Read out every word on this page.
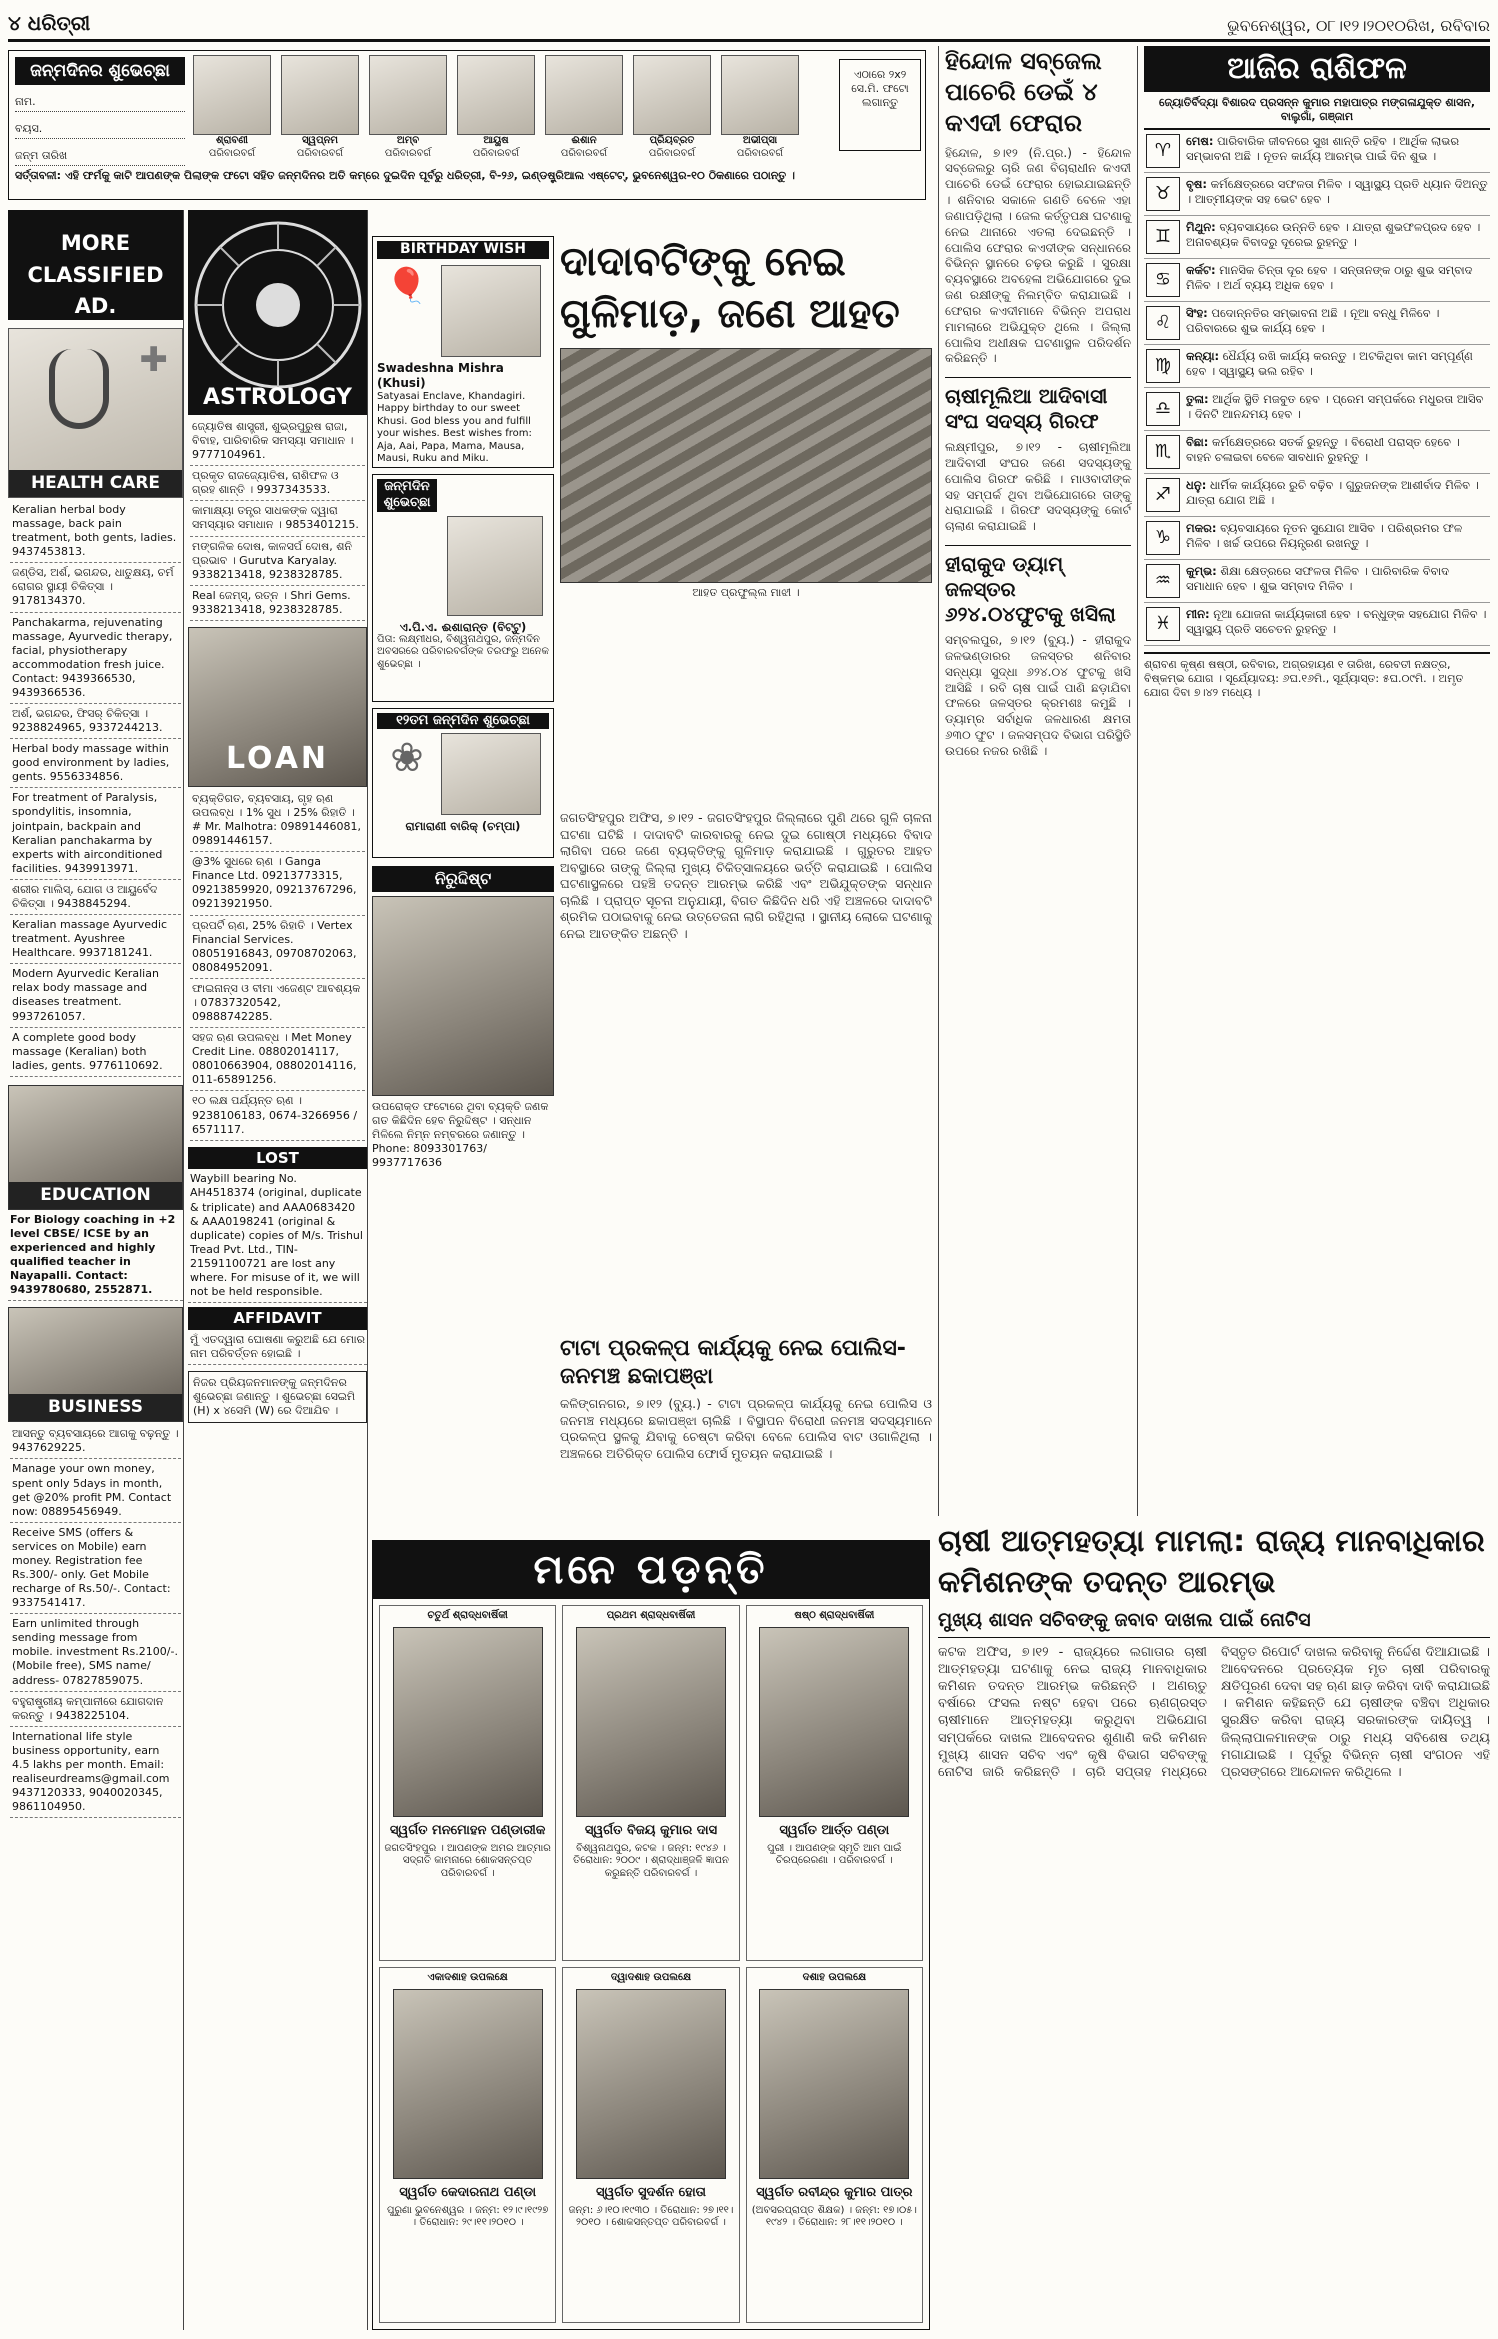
୪ ଧରିତ୍ରୀ	ଭୁବନେଶ୍ୱର, ୦୮।୧୨।୨୦୧୦ରିଖ, ରବିବାର
ଜନ୍ମଦିନର ଶୁଭେଚ୍ଛା
ନାମ.
ବୟସ.
ଜନ୍ମ ତାରିଖ
ଶ୍ରାବଣୀ
ପରିବାରବର୍ଗ
ସ୍ୱପ୍ନମ
ପରିବାରବର୍ଗ
ଅମ୍ବ
ପରିବାରବର୍ଗ
ଆୟୁଷ
ପରିବାରବର୍ଗ
ଈଶାନ
ପରିବାରବର୍ଗ
ପ୍ରିୟବ୍ରତ
ପରିବାରବର୍ଗ
ଅଭୀପ୍ସା
ପରିବାରବର୍ଗ
ଏଠାରେ ୨x୨ ସେ.ମି. ଫଟୋ ଲଗାନ୍ତୁ
ସର୍ତ୍ତାବଳୀ: ଏହି ଫର୍ମକୁ କାଟି ଆପଣଙ୍କ ପିଲାଙ୍କ ଫଟୋ ସହିତ ଜନ୍ମଦିନର ଅତି କମ୍‌ରେ ଦୁଇଦିନ ପୂର୍ବରୁ ଧରିତ୍ରୀ, ବି-୨୬, ଇଣ୍ଡଷ୍ଟ୍ରିଆଲ ଏଷ୍ଟେଟ୍, ଭୁବନେଶ୍ୱର-୧୦ ଠିକଣାରେ ପଠାନ୍ତୁ ।
MORE CLASSIFIED AD.
✚
HEALTH CARE
Keralian herbal body massage, back pain treatment, both gents, ladies. 9437453813.
ଜଣ୍ଡିସ, ଅର୍ଶ, ଭଗନ୍ଦର, ଧାତୁକ୍ଷୟ, ଚର୍ମ ରୋଗର ସ୍ଥାୟୀ ଚିକିତ୍ସା । 9178134370.
Panchakarma, rejuvenating massage, Ayurvedic therapy, facial, physiotherapy accommodation fresh juice. Contact: 9439366530, 9439366536.
ଅର୍ଶ, ଭଗନ୍ଦର, ଫିସର୍ ଚିକିତ୍ସା । 9238824965, 9337244213.
Herbal body massage within good environment by ladies, gents. 9556334856.
For treatment of Paralysis, spondylitis, insomnia, jointpain, backpain and Keralian panchakarma by experts with airconditioned facilities. 9439913971.
ଶରୀର ମାଲିସ୍, ଯୋଗ ଓ ଆୟୁର୍ବେଦ ଚିକିତ୍ସା । 9438845294.
Keralian massage Ayurvedic treatment. Ayushree Healthcare. 9937181241.
Modern Ayurvedic Keralian relax body massage and diseases treatment. 9937261057.
A complete good body massage (Keralian) both ladies, gents. 9776110692.
EDUCATION
For Biology coaching in +2 level CBSE/ ICSE by an experienced and highly qualified teacher in Nayapalli. Contact: 9439780680, 2552871.
BUSINESS
ଆସନ୍ତୁ ବ୍ୟବସାୟରେ ଆଗକୁ ବଢ଼ନ୍ତୁ । 9437629225.
Manage your own money, spent only 5days in month, get @20% profit PM. Contact now: 08895456949.
Receive SMS (offers & services on Mobile) earn money. Registration fee Rs.300/- only. Get Mobile recharge of Rs.50/-. Contact: 9337541417.
Earn unlimited through sending message from mobile. investment Rs.2100/-. (Mobile free), SMS name/ address- 07827859075.
ବହୁରାଷ୍ଟ୍ରୀୟ କମ୍ପାନୀରେ ଯୋଗଦାନ କରନ୍ତୁ । 9438225104.
International life style business opportunity, earn 4.5 lakhs per month. Email: realiseurdreams@gmail.com 9437120333, 9040020345, 9861104950.
ASTROLOGY
ଜ୍ୟୋତିଷ ଶାସ୍ତ୍ରୀ, ଶୁଭ୍ରପୁରୁଷ ରାଜା, ବିବାହ, ପାରିବାରିକ ସମସ୍ୟା ସମାଧାନ । 9777104961.
ପ୍ରକୃତ ରାଜଜ୍ୟୋତିଷ, ରାଶିଫଳ ଓ ଗ୍ରହ ଶାନ୍ତି । 9937343533.
କାମାକ୍ଷ୍ୟା ତନ୍ତ୍ର ସାଧକଙ୍କ ଦ୍ୱାରା ସମସ୍ୟାର ସମାଧାନ । 9853401215.
ମଙ୍ଗଳିକ ଦୋଷ, କାଳସର୍ପ ଦୋଷ, ଶନି ପ୍ରଭାବ । Gurutva Karyalay. 9338213418, 9238328785.
Real ଜେମ୍ସ୍, ରତ୍ନ । Shri Gems. 9338213418, 9238328785.
LOAN
ବ୍ୟକ୍ତିଗତ, ବ୍ୟବସାୟ, ଗୃହ ଋଣ ଉପଲବ୍ଧ । 1% ସୁଧ । 25% ରିହାତି । # Mr. Malhotra: 09891446081, 09891446157.
@3% ସୁଧରେ ଋଣ । Ganga Finance Ltd. 09213773315, 09213859920, 09213767296, 09213921950.
ପ୍ରପର୍ଟି ଋଣ, 25% ରିହାତି । Vertex Financial Services. 08051916843, 09708702063, 08084952091.
ଫାଇନାନ୍ସ ଓ ବୀମା ଏଜେଣ୍ଟ ଆବଶ୍ୟକ । 07837320542, 09888742285.
ସହଜ ଋଣ ଉପଲବ୍ଧ । Met Money Credit Line. 08802014117, 08010663904, 08802014116, 011-65891256.
୧୦ ଲକ୍ଷ ପର୍ଯ୍ୟନ୍ତ ଋଣ । 9238106183, 0674-3266956 / 6571117.
LOST
Waybill bearing No. AH4518374 (original, duplicate & triplicate) and AAA0683420 & AAA0198241 (original & duplicate) copies of M/s. Trishul Tread Pvt. Ltd., TIN-21591100721 are lost any where. For misuse of it, we will not be held responsible.
AFFIDAVIT
ମୁଁ ଏତଦ୍ୱାରା ଘୋଷଣା କରୁଅଛି ଯେ ମୋର ନାମ ପରିବର୍ତ୍ତନ ହୋଇଛି ।
ନିଜର ପ୍ରିୟଜନମାନଙ୍କୁ ଜନ୍ମଦିନର ଶୁଭେଚ୍ଛା ଜଣାନ୍ତୁ । ଶୁଭେଚ୍ଛା ସେଇମି (H) x ୪ସେମି (W) ରେ ଦିଆଯିବ ।
BIRTHDAY WISH
🎈
Swadeshna Mishra (Khusi)
Satyasai Enclave, Khandagiri. Happy birthday to our sweet Khusi. God bless you and fulfill your wishes. Best wishes from: Aja, Aai, Papa, Mama, Mausa, Mausi, Ruku and Miku.
ଜନ୍ମଦିନ ଶୁଭେଚ୍ଛା
ଏ.ପି.ଏ. ଈଶାରାନ୍ତ (ବିଟ୍ଟୁ)
ପିତା: ଲକ୍ଷ୍ମୀଧର, ବିଶ୍ୱନାଥପୁର, ଜନ୍ମଦିନ ଅବସରରେ ପରିବାରବର୍ଗଙ୍କ ତରଫରୁ ଅନେକ ଶୁଭେଚ୍ଛା ।
୧୨ତମ ଜନ୍ମଦିନ ଶୁଭେଚ୍ଛା
❀
ରାମାରାଣୀ ବାରିକ୍ (ଚମ୍ପା)
ନିରୁଦ୍ଦିଷ୍ଟ
ଉପରୋକ୍ତ ଫଟୋରେ ଥିବା ବ୍ୟକ୍ତି ଜଣକ ଗତ କିଛିଦିନ ହେବ ନିରୁଦ୍ଦିଷ୍ଟ । ସନ୍ଧାନ ମିଳିଲେ ନିମ୍ନ ନମ୍ବରରେ ଜଣାନ୍ତୁ । Phone: 8093301763/ 9937717636
ଦାଦାବଟିଙ୍କୁ ନେଇ ଗୁଳିମାଡ଼, ଜଣେ ଆହତ
ଆହତ ପ୍ରଫୁଲ୍ଲ ମାଝୀ ।
ଜଗତସିଂହପୁର ଅଫିସ, ୭।୧୨ - ଜଗତସିଂହପୁର ଜିଲ୍ଲାରେ ପୁଣି ଥରେ ଗୁଳି ଚାଳନା ଘଟଣା ଘଟିଛି । ଦାଦାବଟି କାରବାରକୁ ନେଇ ଦୁଇ ଗୋଷ୍ଠୀ ମଧ୍ୟରେ ବିବାଦ ଲାଗିବା ପରେ ଜଣେ ବ୍ୟକ୍ତିଙ୍କୁ ଗୁଳିମାଡ଼ କରାଯାଇଛି । ଗୁରୁତର ଆହତ ଅବସ୍ଥାରେ ତାଙ୍କୁ ଜିଲ୍ଲା ମୁଖ୍ୟ ଚିକିତ୍ସାଳୟରେ ଭର୍ତ୍ତି କରାଯାଇଛି । ପୋଲିସ ଘଟଣାସ୍ଥଳରେ ପହଞ୍ଚି ତଦନ୍ତ ଆରମ୍ଭ କରିଛି ଏବଂ ଅଭିଯୁକ୍ତଙ୍କ ସନ୍ଧାନ ଚାଲିଛି । ପ୍ରାପ୍ତ ସୂଚନା ଅନୁଯାୟୀ, ବିଗତ କିଛିଦିନ ଧରି ଏହି ଅଞ୍ଚଳରେ ଦାଦାବଟି ଶ୍ରମିକ ପଠାଇବାକୁ ନେଇ ଉତ୍ତେଜନା ଲାଗି ରହିଥିଲା । ସ୍ଥାନୀୟ ଲୋକେ ଘଟଣାକୁ ନେଇ ଆତଙ୍କିତ ଅଛନ୍ତି ।
ଟାଟା ପ୍ରକଳ୍ପ କାର୍ଯ୍ୟକୁ ନେଇ ପୋଲିସ-ଜନମଞ୍ଚ ଛକାପଞ୍ଝା
କଳିଙ୍ଗନଗର, ୭।୧୨ (ବ୍ୟୁ.) - ଟାଟା ପ୍ରକଳ୍ପ କାର୍ଯ୍ୟକୁ ନେଇ ପୋଲିସ ଓ ଜନମଞ୍ଚ ମଧ୍ୟରେ ଛକାପଞ୍ଝା ଚାଲିଛି । ବିସ୍ଥାପନ ବିରୋଧୀ ଜନମଞ୍ଚ ସଦସ୍ୟମାନେ ପ୍ରକଳ୍ପ ସ୍ଥଳକୁ ଯିବାକୁ ଚେଷ୍ଟା କରିବା ବେଳେ ପୋଲିସ ବାଟ ଓଗାଳିଥିଲା । ଅଞ୍ଚଳରେ ଅତିରିକ୍ତ ପୋଲିସ ଫୋର୍ସ ମୁତୟନ କରାଯାଇଛି ।
ହିନ୍ଦୋଳ ସବ୍‌ଜେଲ ପାଚେରି ଡେଇଁ ୪ କଏଦୀ ଫେରାର
ହିନ୍ଦୋଳ, ୭।୧୨ (ନି.ପ୍ର.) - ହିନ୍ଦୋଳ ସବ୍‌ଜେଲରୁ ଚାରି ଜଣ ବିଚାରାଧୀନ କଏଦୀ ପାଚେରି ଡେଇଁ ଫେରାର ହୋଇଯାଇଛନ୍ତି । ଶନିବାର ସକାଳେ ଗଣତି ବେଳେ ଏହା ଜଣାପଡ଼ିଥିଲା । ଜେଲ କର୍ତ୍ତୃପକ୍ଷ ଘଟଣାକୁ ନେଇ ଥାନାରେ ଏତଲା ଦେଇଛନ୍ତି । ପୋଲିସ ଫେରାର କଏଦୀଙ୍କ ସନ୍ଧାନରେ ବିଭିନ୍ନ ସ୍ଥାନରେ ଚଢ଼ଉ କରୁଛି । ସୁରକ୍ଷା ବ୍ୟବସ୍ଥାରେ ଅବହେଳା ଅଭିଯୋଗରେ ଦୁଇ ଜଣ ରକ୍ଷୀଙ୍କୁ ନିଲମ୍ବିତ କରାଯାଇଛି । ଫେରାର କଏଦୀମାନେ ବିଭିନ୍ନ ଅପରାଧ ମାମଲାରେ ଅଭିଯୁକ୍ତ ଥିଲେ । ଜିଲ୍ଲା ପୋଲିସ ଅଧୀକ୍ଷକ ଘଟଣାସ୍ଥଳ ପରିଦର୍ଶନ କରିଛନ୍ତି ।
ଚାଷୀମୂଲିଆ ଆଦିବାସୀ ସଂଘ ସଦସ୍ୟ ଗିରଫ
ଲକ୍ଷ୍ମୀପୁର, ୭।୧୨ - ଚାଷୀମୂଲିଆ ଆଦିବାସୀ ସଂଘର ଜଣେ ସଦସ୍ୟଙ୍କୁ ପୋଲିସ ଗିରଫ କରିଛି । ମାଓବାଦୀଙ୍କ ସହ ସମ୍ପର୍କ ଥିବା ଅଭିଯୋଗରେ ତାଙ୍କୁ ଧରାଯାଇଛି । ଗିରଫ ସଦସ୍ୟଙ୍କୁ କୋର୍ଟ ଚାଲାଣ କରାଯାଇଛି ।
ହୀରାକୁଦ ଡ୍ୟାମ୍ ଜଳସ୍ତର ୬୨୪.୦୪ଫୁଟକୁ ଖସିଲା
ସମ୍ବଲପୁର, ୭।୧୨ (ବ୍ୟୁ.) - ହୀରାକୁଦ ଜଳଭଣ୍ଡାରର ଜଳସ୍ତର ଶନିବାର ସନ୍ଧ୍ୟା ସୁଦ୍ଧା ୬୨୪.୦୪ ଫୁଟକୁ ଖସି ଆସିଛି । ରବି ଚାଷ ପାଇଁ ପାଣି ଛଡ଼ାଯିବା ଫଳରେ ଜଳସ୍ତର କ୍ରମଶଃ କମୁଛି । ଡ୍ୟାମ୍‌ର ସର୍ବାଧିକ ଜଳଧାରଣ କ୍ଷମତା ୬୩୦ ଫୁଟ । ଜଳସମ୍ପଦ ବିଭାଗ ପରିସ୍ଥିତି ଉପରେ ନଜର ରଖିଛି ।
ଆଜିର ରାଶିଫଳ
ଜ୍ୟୋତିର୍ବିଦ୍ୟା ବିଶାରଦ ପ୍ରସନ୍ନ କୁମାର ମହାପାତ୍ର ମଙ୍ଗଳାଯୁକ୍ତ ଶାସନ, ବାଲୁଗାଁ, ଗଞ୍ଜାମ
♈	ମେଷ: ପାରିବାରିକ ଜୀବନରେ ସୁଖ ଶାନ୍ତି ରହିବ । ଆର୍ଥିକ ଲାଭର ସମ୍ଭାବନା ଅଛି । ନୂତନ କାର୍ଯ୍ୟ ଆରମ୍ଭ ପାଇଁ ଦିନ ଶୁଭ ।
♉	ବୃଷ: କର୍ମକ୍ଷେତ୍ରରେ ସଫଳତା ମିଳିବ । ସ୍ୱାସ୍ଥ୍ୟ ପ୍ରତି ଧ୍ୟାନ ଦିଅନ୍ତୁ । ଆତ୍ମୀୟଙ୍କ ସହ ଭେଟ ହେବ ।
♊	ମିଥୁନ: ବ୍ୟବସାୟରେ ଉନ୍ନତି ହେବ । ଯାତ୍ରା ଶୁଭଫଳପ୍ରଦ ହେବ । ଅନାବଶ୍ୟକ ବିବାଦରୁ ଦୂରେଇ ରୁହନ୍ତୁ ।
♋	କର୍କଟ: ମାନସିକ ଚିନ୍ତା ଦୂର ହେବ । ସନ୍ତାନଙ୍କ ଠାରୁ ଶୁଭ ସମ୍ବାଦ ମିଳିବ । ଅର୍ଥ ବ୍ୟୟ ଅଧିକ ହେବ ।
♌	ସିଂହ: ପଦୋନ୍ନତିର ସମ୍ଭାବନା ଅଛି । ନୂଆ ବନ୍ଧୁ ମିଳିବେ । ପରିବାରରେ ଶୁଭ କାର୍ଯ୍ୟ ହେବ ।
♍	କନ୍ୟା: ଧୈର୍ଯ୍ୟ ରଖି କାର୍ଯ୍ୟ କରନ୍ତୁ । ଅଟକିଥିବା କାମ ସମ୍ପୂର୍ଣ୍ଣ ହେବ । ସ୍ୱାସ୍ଥ୍ୟ ଭଲ ରହିବ ।
♎	ତୁଳା: ଆର୍ଥିକ ସ୍ଥିତି ମଜବୁତ ହେବ । ପ୍ରେମ ସମ୍ପର୍କରେ ମଧୁରତା ଆସିବ । ଦିନଟି ଆନନ୍ଦମୟ ହେବ ।
♏	ବିଛା: କର୍ମକ୍ଷେତ୍ରରେ ସତର୍କ ରୁହନ୍ତୁ । ବିରୋଧୀ ପରାସ୍ତ ହେବେ । ବାହନ ଚଳାଇବା ବେଳେ ସାବଧାନ ରୁହନ୍ତୁ ।
♐	ଧନୁ: ଧାର୍ମିକ କାର୍ଯ୍ୟରେ ରୁଚି ବଢ଼ିବ । ଗୁରୁଜନଙ୍କ ଆଶୀର୍ବାଦ ମିଳିବ । ଯାତ୍ରା ଯୋଗ ଅଛି ।
♑	ମକର: ବ୍ୟବସାୟରେ ନୂତନ ସୁଯୋଗ ଆସିବ । ପରିଶ୍ରମର ଫଳ ମିଳିବ । ଖର୍ଚ୍ଚ ଉପରେ ନିୟନ୍ତ୍ରଣ ରଖନ୍ତୁ ।
♒	କୁମ୍ଭ: ଶିକ୍ଷା କ୍ଷେତ୍ରରେ ସଫଳତା ମିଳିବ । ପାରିବାରିକ ବିବାଦ ସମାଧାନ ହେବ । ଶୁଭ ସମ୍ବାଦ ମିଳିବ ।
♓	ମୀନ: ନୂଆ ଯୋଜନା କାର୍ଯ୍ୟକାରୀ ହେବ । ବନ୍ଧୁଙ୍କ ସହଯୋଗ ମିଳିବ । ସ୍ୱାସ୍ଥ୍ୟ ପ୍ରତି ସଚେତନ ରୁହନ୍ତୁ ।
ଶ୍ରାବଣ କୃଷ୍ଣ ଷଷ୍ଠୀ, ରବିବାର, ଅଗ୍ରହାୟଣ ୧ ତାରିଖ, ରେବତୀ ନକ୍ଷତ୍ର, ବିଷ୍କମ୍ଭ ଯୋଗ । ସୂର୍ଯ୍ୟୋଦୟ: ୬ଘ.୧୬ମି., ସୂର୍ଯ୍ୟାସ୍ତ: ୫ଘ.୦୯ମି. । ଅମୃତ ଯୋଗ ଦିବା ୭।୪୨ ମଧ୍ୟେ ।
ମନେ ପଡ଼ନ୍ତି
ଚତୁର୍ଥ ଶ୍ରାଦ୍ଧବାର୍ଷିକୀ
ସ୍ୱର୍ଗତ ମନମୋହନ ପଣ୍ଡାରୀକ
ଜଗତସିଂହପୁର । ଆପଣଙ୍କ ଅମର ଆତ୍ମାର ସଦ୍‌ଗତି କାମନାରେ ଶୋକସନ୍ତପ୍ତ ପରିବାରବର୍ଗ ।
ପ୍ରଥମ ଶ୍ରାଦ୍ଧବାର୍ଷିକୀ
ସ୍ୱର୍ଗତ ବିଜୟ କୁମାର ଦାସ
ବିଶ୍ୱନାଥପୁର, କଟକ । ଜନ୍ମ: ୧୯୪୬ । ତିରୋଧାନ: ୨୦୦୯ । ଶ୍ରାଦ୍ଧାଞ୍ଜଳି ଜ୍ଞାପନ କରୁଛନ୍ତି ପରିବାରବର୍ଗ ।
ଷଷ୍ଠ ଶ୍ରାଦ୍ଧବାର୍ଷିକୀ
ସ୍ୱର୍ଗତ ଆର୍ତ୍ତ ପଣ୍ଡା
ପୁରୀ । ଆପଣଙ୍କ ସ୍ମୃତି ଆମ ପାଇଁ ଚିରପ୍ରେରଣା । ପରିବାରବର୍ଗ ।
ଏକାଦଶାହ ଉପଲକ୍ଷେ
ସ୍ୱର୍ଗତ କେଦାରନାଥ ପଣ୍ଡା
ପୁରୁଣା ଭୁବନେଶ୍ୱର । ଜନ୍ମ: ୧୨।୯।୧୯୨୭ । ତିରୋଧାନ: ୨୯।୧୧।୨୦୧୦ ।
ଦ୍ୱାଦଶାହ ଉପଲକ୍ଷେ
ସ୍ୱର୍ଗତ ସୁଦର୍ଶନ ହୋତା
ଜନ୍ମ: ୬।୧୦।୧୯୩୦ । ତିରୋଧାନ: ୨୭।୧୧।୨୦୧୦ । ଶୋକସନ୍ତପ୍ତ ପରିବାରବର୍ଗ ।
ଦଶାହ ଉପଲକ୍ଷେ
ସ୍ୱର୍ଗତ ରବୀନ୍ଦ୍ର କୁମାର ପାତ୍ର
(ଅବସରପ୍ରାପ୍ତ ଶିକ୍ଷକ) । ଜନ୍ମ: ୧୭।୦୫।୧୯୪୨ । ତିରୋଧାନ: ୨୮।୧୧।୨୦୧୦ ।
ଚାଷୀ ଆତ୍ମହତ୍ୟା ମାମଲା: ରାଜ୍ୟ ମାନବାଧିକାର କମିଶନଙ୍କ ତଦନ୍ତ ଆରମ୍ଭ
ମୁଖ୍ୟ ଶାସନ ସଚିବଙ୍କୁ ଜବାବ ଦାଖଲ ପାଇଁ ନୋଟିସ
କଟକ ଅଫିସ, ୭।୧୨ - ରାଜ୍ୟରେ ଲଗାତାର ଚାଷୀ ଆତ୍ମହତ୍ୟା ଘଟଣାକୁ ନେଇ ରାଜ୍ୟ ମାନବାଧିକାର କମିଶନ ତଦନ୍ତ ଆରମ୍ଭ କରିଛନ୍ତି । ଅଣଋତୁ ବର୍ଷାରେ ଫସଲ ନଷ୍ଟ ହେବା ପରେ ଋଣଗ୍ରସ୍ତ ଚାଷୀମାନେ ଆତ୍ମହତ୍ୟା କରୁଥିବା ଅଭିଯୋଗ ସମ୍ପର୍କରେ ଦାଖଲ ଆବେଦନର ଶୁଣାଣି କରି କମିଶନ ମୁଖ୍ୟ ଶାସନ ସଚିବ ଏବଂ କୃଷି ବିଭାଗ ସଚିବଙ୍କୁ ନୋଟିସ ଜାରି କରିଛନ୍ତି । ଚାରି ସପ୍ତାହ ମଧ୍ୟରେ ବିସ୍ତୃତ ରିପୋର୍ଟ ଦାଖଲ କରିବାକୁ ନିର୍ଦ୍ଦେଶ ଦିଆଯାଇଛି । ଆବେଦନରେ ପ୍ରତ୍ୟେକ ମୃତ ଚାଷୀ ପରିବାରକୁ କ୍ଷତିପୂରଣ ଦେବା ସହ ଋଣ ଛାଡ଼ କରିବା ଦାବି କରାଯାଇଛି । କମିଶନ କହିଛନ୍ତି ଯେ ଚାଷୀଙ୍କ ବଞ୍ଚିବା ଅଧିକାର ସୁରକ୍ଷିତ କରିବା ରାଜ୍ୟ ସରକାରଙ୍କ ଦାୟିତ୍ୱ । ଜିଲ୍ଲାପାଳମାନଙ୍କ ଠାରୁ ମଧ୍ୟ ସବିଶେଷ ତଥ୍ୟ ମଗାଯାଇଛି । ପୂର୍ବରୁ ବିଭିନ୍ନ ଚାଷୀ ସଂଗଠନ ଏହି ପ୍ରସଙ୍ଗରେ ଆନ୍ଦୋଳନ କରିଥିଲେ ।
